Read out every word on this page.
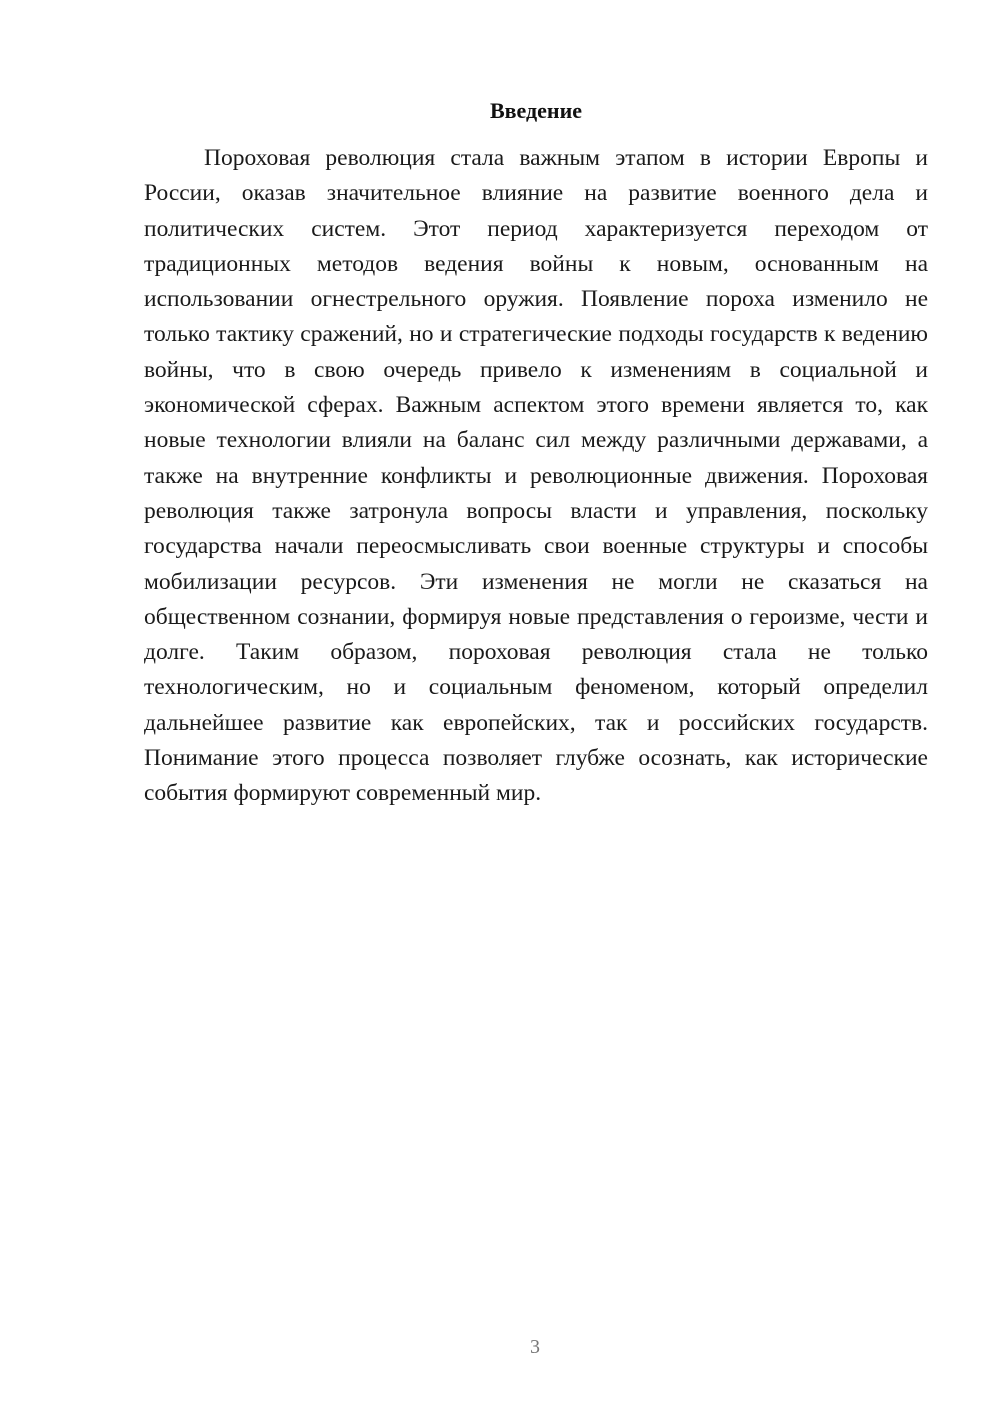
Введение

Пороховая революция стала важным этапом в истории Европы и России, оказав значительное влияние на развитие военного дела и политических систем. Этот период характеризуется переходом от традиционных методов ведения войны к новым, основанным на использовании огнестрельного оружия. Появление пороха изменило не только тактику сражений, но и стратегические подходы государств к ведению войны, что в свою очередь привело к изменениям в социальной и экономической сферах. Важным аспектом этого времени является то, как новые технологии влияли на баланс сил между различными державами, а также на внутренние конфликты и революционные движения. Пороховая революция также затронула вопросы власти и управления, поскольку государства начали переосмысливать свои военные структуры и способы мобилизации ресурсов. Эти изменения не могли не сказаться на общественном сознании, формируя новые представления о героизме, чести и долге. Таким образом, пороховая революция стала не только технологическим, но и социальным феноменом, который определил дальнейшее развитие как европейских, так и российских государств. Понимание этого процесса позволяет глубже осознать, как исторические события формируют современный мир.

3
